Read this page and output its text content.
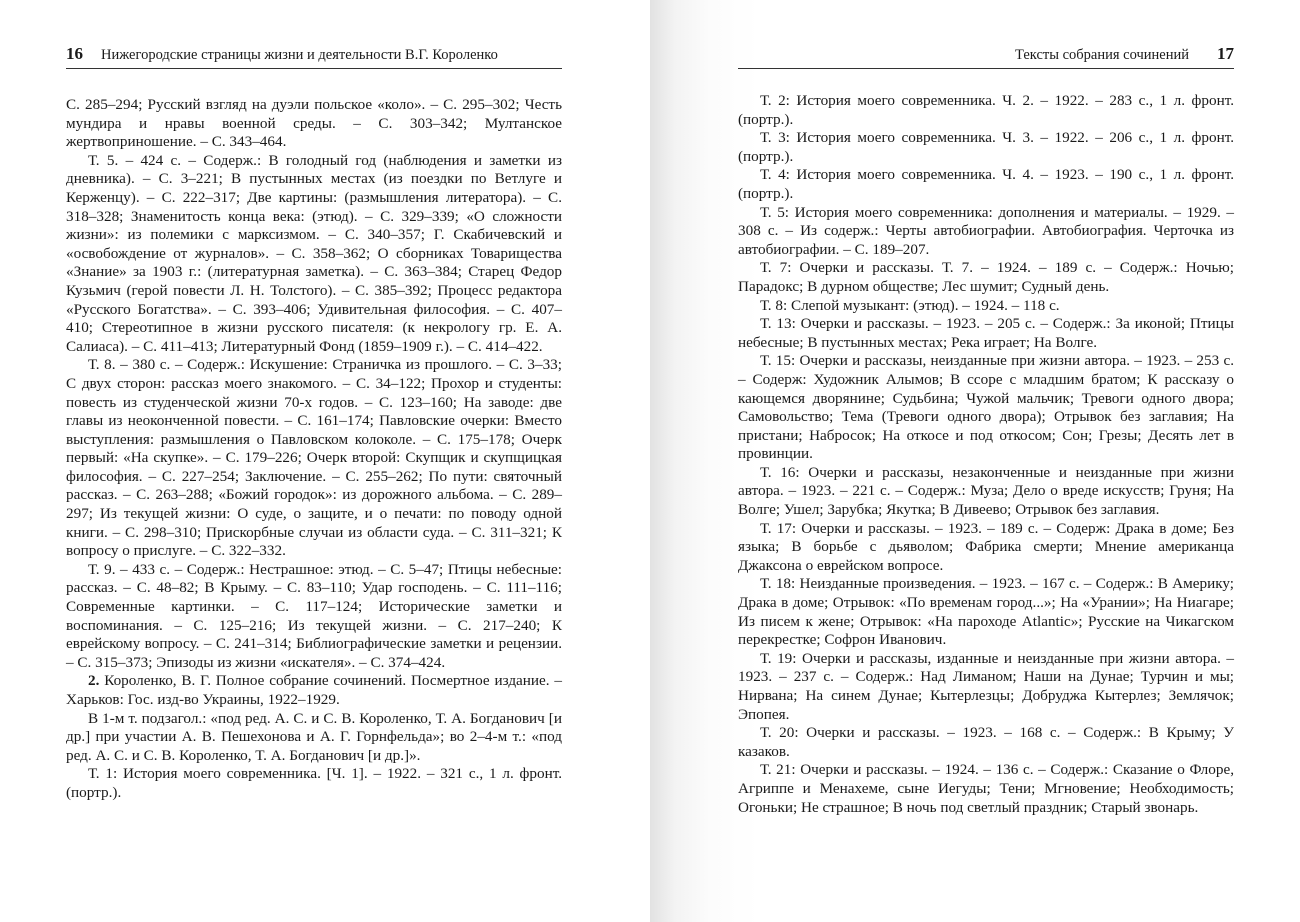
16 Нижегородские страницы жизни и деятельности В.Г. Короленко

С. 285–294; Русский взгляд на дуэли польское «коло». – С. 295–302; Честь мундира и нравы военной среды. – С. 303–342; Мултанское жертвоприношение. – С. 343–464.

Т. 5. – 424 с. – Содерж.: В голодный год (наблюдения и заметки из дневника). – С. 3–221; В пустынных местах (из поездки по Ветлуге и Керженцу). – С. 222–317; Две картины: (размышления литератора). – С. 318–328; Знаменитость конца века: (этюд). – С. 329–339; «О сложности жизни»: из полемики с марксизмом. – С. 340–357; Г. Скабичевский и «освобождение от журналов». – С. 358–362; О сборниках Товарищества «Знание» за 1903 г.: (литературная заметка). – С. 363–384; Старец Федор Кузьмич (герой повести Л. Н. Толстого). – С. 385–392; Процесс редактора «Русского Богатства». – С. 393–406; Удивительная философия. – С. 407–410; Стереотипное в жизни русского писателя: (к некрологу гр. Е. А. Салиаса). – С. 411–413; Литературный Фонд (1859–1909 г.). – С. 414–422.

Т. 8. – 380 с. – Содерж.: Искушение: Страничка из прошлого. – С. 3–33; С двух сторон: рассказ моего знакомого. – С. 34–122; Прохор и студенты: повесть из студенческой жизни 70-х годов. – С. 123–160; На заводе: две главы из неоконченной повести. – С. 161–174; Павловские очерки: Вместо выступления: размышления о Павловском колоколе. – С. 175–178; Очерк первый: «На скупке». – С. 179–226; Очерк второй: Скупщик и скупщицкая философия. – С. 227–254; Заключение. – С. 255–262; По пути: святочный рассказ. – С. 263–288; «Божий городок»: из дорожного альбома. – С. 289–297; Из текущей жизни: О суде, о защите, и о печати: по поводу одной книги. – С. 298–310; Прискорбные случаи из области суда. – С. 311–321; К вопросу о прислуге. – С. 322–332.

Т. 9. – 433 с. – Содерж.: Нестрашное: этюд. – С. 5–47; Птицы небесные: рассказ. – С. 48–82; В Крыму. – С. 83–110; Удар господень. – С. 111–116; Современные картинки. – С. 117–124; Исторические заметки и воспоминания. – С. 125–216; Из текущей жизни. – С. 217–240; К еврейскому вопросу. – С. 241–314; Библиографические заметки и рецензии. – С. 315–373; Эпизоды из жизни «искателя». – С. 374–424.

2. Короленко, В. Г. Полное собрание сочинений. Посмертное издание. – Харьков: Гос. изд-во Украины, 1922–1929.

В 1-м т. подзагол.: «под ред. А. С. и С. В. Короленко, Т. А. Богданович [и др.] при участии А. В. Пешехонова и А. Г. Горнфельда»; во 2–4-м т.: «под ред. А. С. и С. В. Короленко, Т. А. Богданович [и др.]».

Т. 1: История моего современника. [Ч. 1]. – 1922. – 321 с., 1 л. фронт. (портр.).

Тексты собрания сочинений 17

Т. 2: История моего современника. Ч. 2. – 1922. – 283 с., 1 л. фронт. (портр.).

Т. 3: История моего современника. Ч. 3. – 1922. – 206 с., 1 л. фронт. (портр.).

Т. 4: История моего современника. Ч. 4. – 1923. – 190 с., 1 л. фронт. (портр.).

Т. 5: История моего современника: дополнения и материалы. – 1929. – 308 с. – Из содерж.: Черты автобиографии. Автобиография. Черточка из автобиографии. – С. 189–207.

Т. 7: Очерки и рассказы. Т. 7. – 1924. – 189 с. – Содерж.: Ночью; Парадокс; В дурном обществе; Лес шумит; Судный день.

Т. 8: Слепой музыкант: (этюд). – 1924. – 118 с.

Т. 13: Очерки и рассказы. – 1923. – 205 с. – Содерж.: За иконой; Птицы небесные; В пустынных местах; Река играет; На Волге.

Т. 15: Очерки и рассказы, неизданные при жизни автора. – 1923. – 253 с. – Содерж: Художник Алымов; В ссоре с младшим братом; К рассказу о кающемся дворянине; Судьбина; Чужой мальчик; Тревоги одного двора; Самовольство; Тема (Тревоги одного двора); Отрывок без заглавия; На пристани; Набросок; На откосе и под откосом; Сон; Грезы; Десять лет в провинции.

Т. 16: Очерки и рассказы, незаконченные и неизданные при жизни автора. – 1923. – 221 с. – Содерж.: Муза; Дело о вреде искусств; Груня; На Волге; Ушел; Зарубка; Якутка; В Дивеево; Отрывок без заглавия.

Т. 17: Очерки и рассказы. – 1923. – 189 с. – Содерж: Драка в доме; Без языка; В борьбе с дьяволом; Фабрика смерти; Мнение американца Джаксона о еврейском вопросе.

Т. 18: Неизданные произведения. – 1923. – 167 с. – Содерж.: В Америку; Драка в доме; Отрывок: «По временам город...»; На «Урании»; На Ниагаре; Из писем к жене; Отрывок: «На пароходе Atlantic»; Русские на Чикагском перекрестке; Софрон Иванович.

Т. 19: Очерки и рассказы, изданные и неизданные при жизни автора. – 1923. – 237 с. – Содерж.: Над Лиманом; Наши на Дунае; Турчин и мы; Нирвана; На синем Дунае; Кытерлезцы; Добруджа Кытерлез; Землячок; Эпопея.

Т. 20: Очерки и рассказы. – 1923. – 168 с. – Содерж.: В Крыму; У казаков.

Т. 21: Очерки и рассказы. – 1924. – 136 с. – Содерж.: Сказание о Флоре, Агриппе и Менахеме, сыне Иегуды; Тени; Мгновение; Необходимость; Огоньки; Не страшное; В ночь под светлый праздник; Старый звонарь.
